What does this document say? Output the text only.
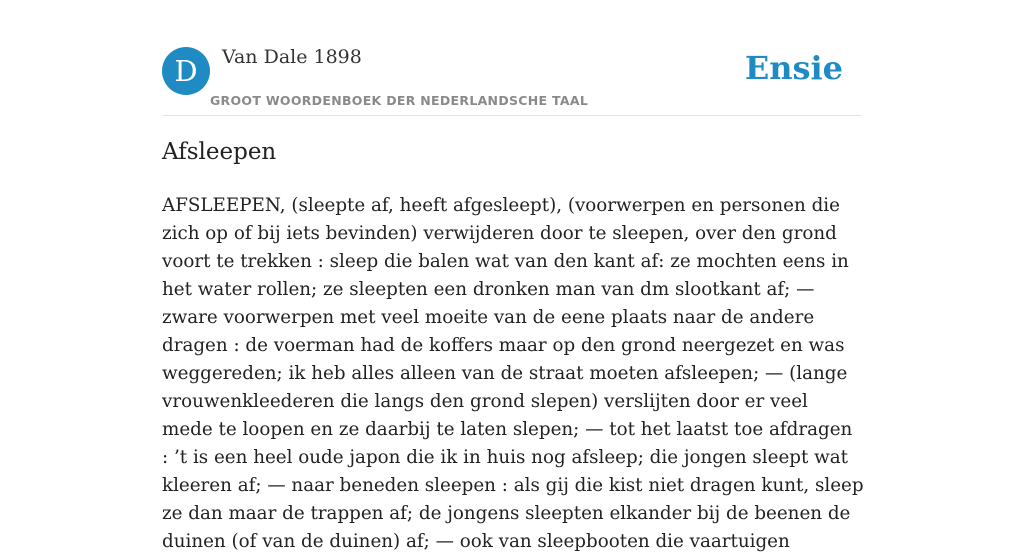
D	Van Dale 1898
GROOT WOORDENBOEK DER NEDERLANDSCHE TAAL
Ensie
Afsleepen

AFSLEEPEN, (sleepte af, heeft afgesleept), (voorwerpen en personen die zich op of bij iets bevinden) verwijderen door te sleepen, over den grond voort te trekken : sleep die balen wat van den kant af: ze mochten eens in het water rollen; ze sleepten een dronken man van dm slootkant af; — zware voorwerpen met veel moeite van de eene plaats naar de andere dragen : de voerman had de koffers maar op den grond neergezet en was weggereden; ik heb alles alleen van de straat moeten afsleepen; — (lange vrouwenkleederen die langs den grond slepen) verslijten door er veel mede te loopen en ze daarbij te laten slepen; — tot het laatst toe afdragen : ’t is een heel oude japon die ik in huis nog afsleep; die jongen sleept wat kleeren af; — naar beneden sleepen : als gij die kist niet dragen kunt, sleep ze dan maar de trappen af; de jongens sleepten elkander bij de beenen de duinen (of van de duinen) af; — ook van sleepbooten die vaartuigen
